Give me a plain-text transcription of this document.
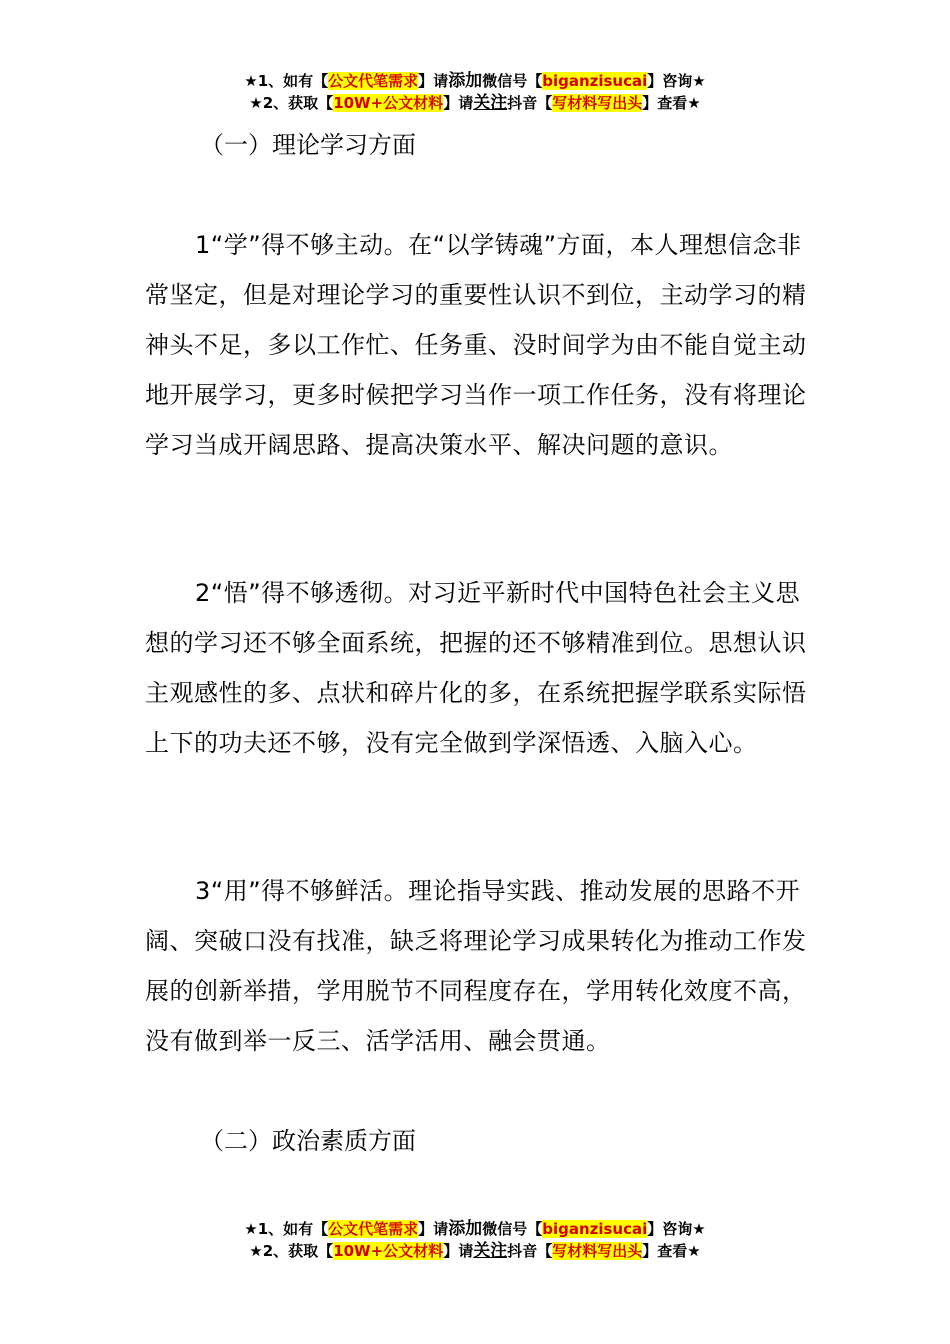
★1、如有【公文代笔需求】请添加微信号【biganzisucai】咨询★
★2、获取【10W+公文材料】请关注抖音【写材料写出头】查看★
（一）理论学习方面
1“学”得不够主动。在“以学铸魂”方面，本人理想信念非常坚定，但是对理论学习的重要性认识不到位，主动学习的精神头不足，多以工作忙、任务重、没时间学为由不能自觉主动地开展学习，更多时候把学习当作一项工作任务，没有将理论学习当成开阔思路、提高决策水平、解决问题的意识。
2“悟”得不够透彻。对习近平新时代中国特色社会主义思想的学习还不够全面系统，把握的还不够精准到位。思想认识主观感性的多、点状和碎片化的多，在系统把握学联系实际悟上下的功夫还不够，没有完全做到学深悟透、入脑入心。
3“用”得不够鲜活。理论指导实践、推动发展的思路不开阔、突破口没有找准，缺乏将理论学习成果转化为推动工作发展的创新举措，学用脱节不同程度存在，学用转化效度不高，没有做到举一反三、活学活用、融会贯通。
（二）政治素质方面
★1、如有【公文代笔需求】请添加微信号【biganzisucai】咨询★
★2、获取【10W+公文材料】请关注抖音【写材料写出头】查看★
